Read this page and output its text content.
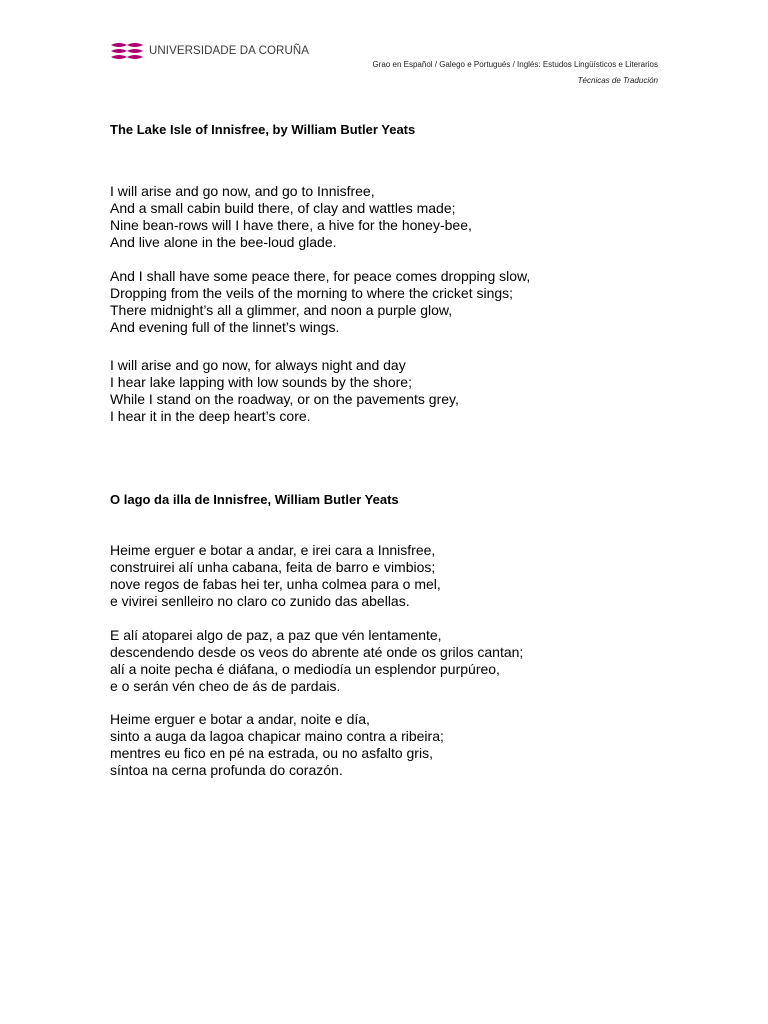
UNIVERSIDADE DA CORUÑA
Grao en Español / Galego e Portugués / Inglés: Estudos Lingüísticos e Literarios
Técnicas de Tradución
The Lake Isle of Innisfree, by William Butler Yeats
I will arise and go now, and go to Innisfree,
And a small cabin build there, of clay and wattles made;
Nine bean-rows will I have there, a hive for the honey-bee,
And live alone in the bee-loud glade.
And I shall have some peace there, for peace comes dropping slow,
Dropping from the veils of the morning to where the cricket sings;
There midnight’s all a glimmer, and noon a purple glow,
And evening full of the linnet’s wings.
I will arise and go now, for always night and day
I hear lake lapping with low sounds by the shore;
While I stand on the roadway, or on the pavements grey,
I hear it in the deep heart’s core.
O lago da illa de Innisfree, William Butler Yeats
Heime erguer e botar a andar, e irei cara a Innisfree,
construirei alí unha cabana, feita de barro e vimbios;
nove regos de fabas hei ter, unha colmea para o mel,
e vivirei senlleiro no claro co zunido das abellas.
E alí atoparei algo de paz, a paz que vén lentamente,
descendendo desde os veos do abrente até onde os grilos cantan;
alí a noite pecha é diáfana, o mediodía un esplendor purpúreo,
e o serán vén cheo de ás de pardais.
Heime erguer e botar a andar, noite e día,
sinto a auga da lagoa chapicar maino contra a ribeira;
mentres eu fico en pé na estrada, ou no asfalto gris,
síntoa na cerna profunda do corazón.
